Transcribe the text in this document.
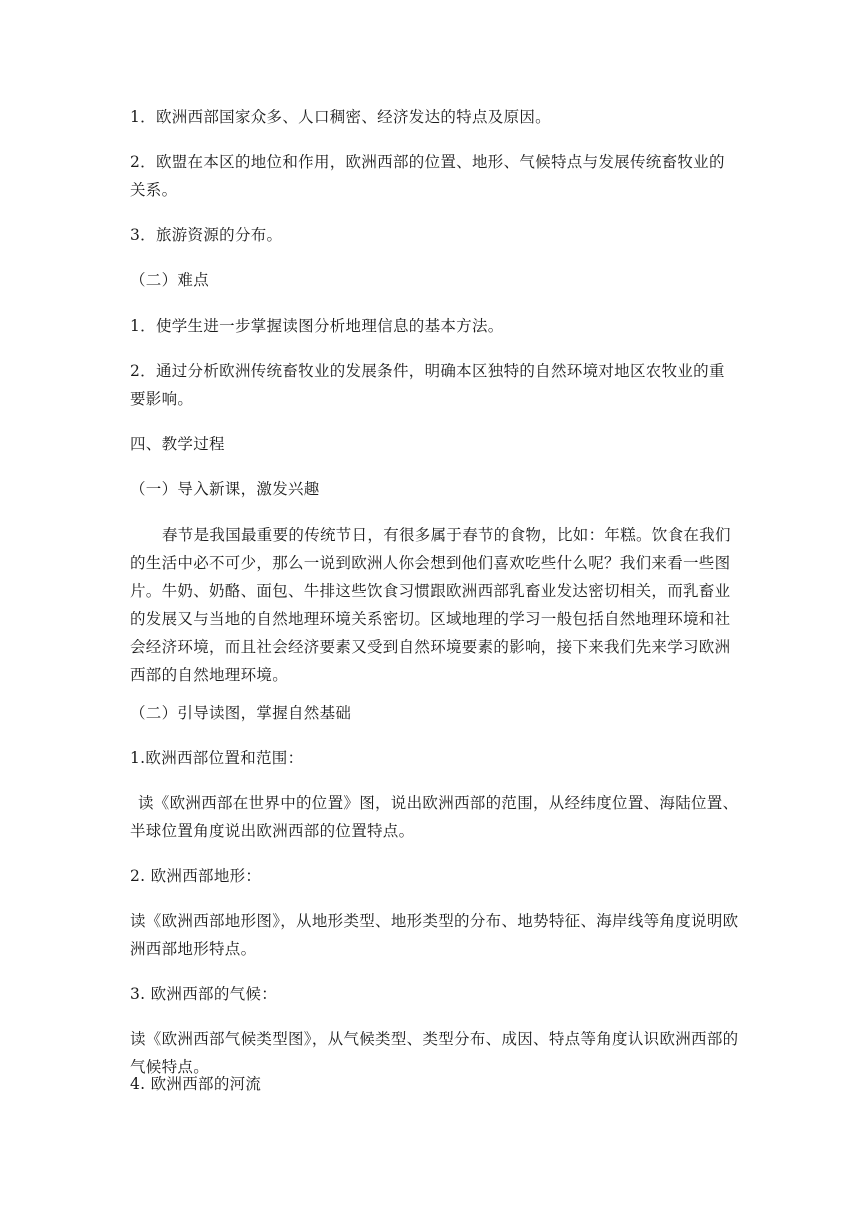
1．欧洲西部国家众多、人口稠密、经济发达的特点及原因。
2．欧盟在本区的地位和作用，欧洲西部的位置、地形、气候特点与发展传统畜牧业的关系。
3．旅游资源的分布。
（二）难点
1．使学生进一步掌握读图分析地理信息的基本方法。
2．通过分析欧洲传统畜牧业的发展条件，明确本区独特的自然环境对地区农牧业的重要影响。
四、教学过程
（一）导入新课，激发兴趣
春节是我国最重要的传统节日，有很多属于春节的食物，比如：年糕。饮食在我们的生活中必不可少，那么一说到欧洲人你会想到他们喜欢吃些什么呢？我们来看一些图片。牛奶、奶酪、面包、牛排这些饮食习惯跟欧洲西部乳畜业发达密切相关，而乳畜业的发展又与当地的自然地理环境关系密切。区域地理的学习一般包括自然地理环境和社会经济环境，而且社会经济要素又受到自然环境要素的影响，接下来我们先来学习欧洲西部的自然地理环境。
（二）引导读图，掌握自然基础
1.欧洲西部位置和范围：
读《欧洲西部在世界中的位置》图，说出欧洲西部的范围，从经纬度位置、海陆位置、半球位置角度说出欧洲西部的位置特点。
2. 欧洲西部地形：
读《欧洲西部地形图》，从地形类型、地形类型的分布、地势特征、海岸线等角度说明欧洲西部地形特点。
3. 欧洲西部的气候：
读《欧洲西部气候类型图》，从气候类型、类型分布、成因、特点等角度认识欧洲西部的气候特点。
4. 欧洲西部的河流
